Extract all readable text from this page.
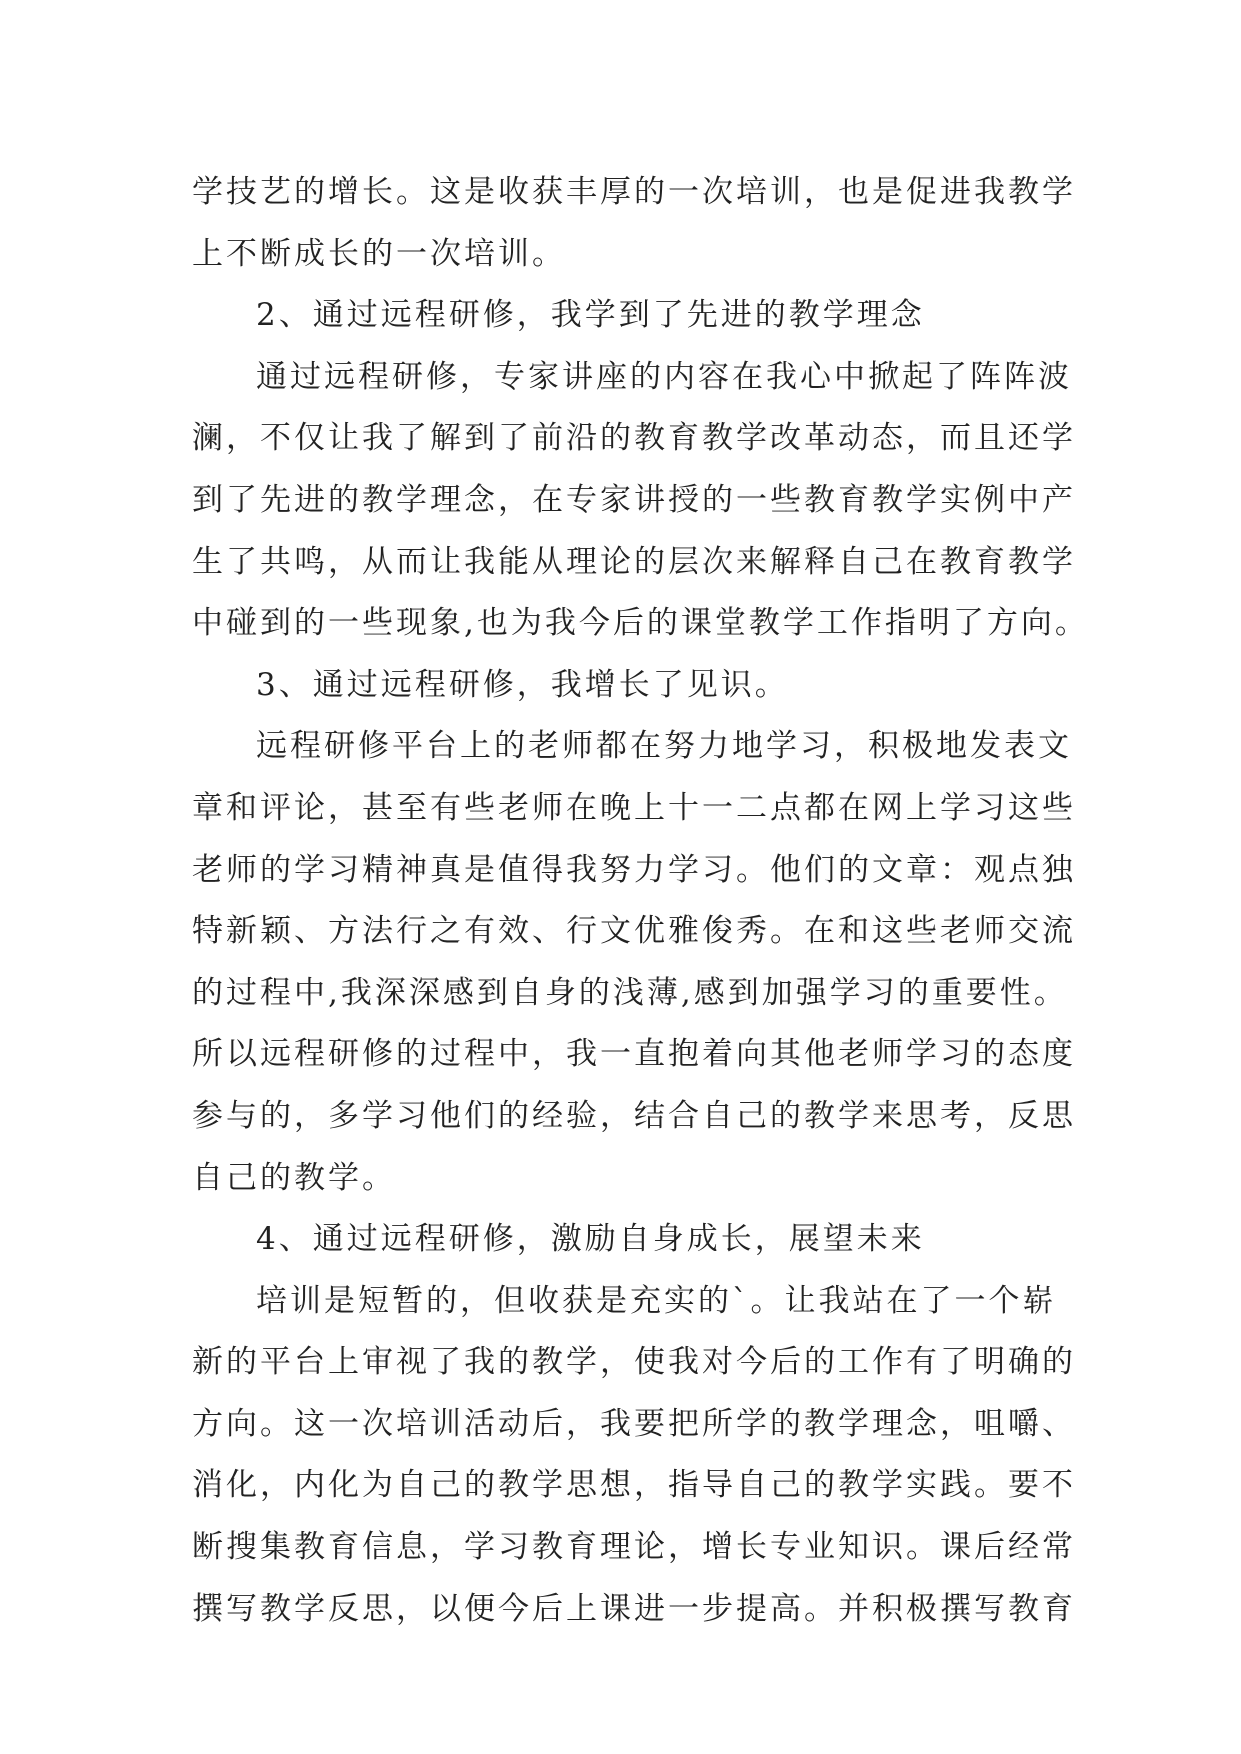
学技艺的增长。这是收获丰厚的一次培训，也是促进我教学
上不断成长的一次培训。
2、通过远程研修，我学到了先进的教学理念
通过远程研修，专家讲座的内容在我心中掀起了阵阵波
澜，不仅让我了解到了前沿的教育教学改革动态，而且还学
到了先进的教学理念，在专家讲授的一些教育教学实例中产
生了共鸣，从而让我能从理论的层次来解释自己在教育教学
中碰到的一些现象,也为我今后的课堂教学工作指明了方向。
3、通过远程研修，我增长了见识。
远程研修平台上的老师都在努力地学习，积极地发表文
章和评论，甚至有些老师在晚上十一二点都在网上学习这些
老师的学习精神真是值得我努力学习。他们的文章：观点独
特新颖、方法行之有效、行文优雅俊秀。在和这些老师交流
的过程中,我深深感到自身的浅薄,感到加强学习的重要性。
所以远程研修的过程中，我一直抱着向其他老师学习的态度
参与的，多学习他们的经验，结合自己的教学来思考，反思
自己的教学。
4、通过远程研修，激励自身成长，展望未来
培训是短暂的，但收获是充实的`。让我站在了一个崭
新的平台上审视了我的教学，使我对今后的工作有了明确的
方向。这一次培训活动后，我要把所学的教学理念，咀嚼、
消化，内化为自己的教学思想，指导自己的教学实践。要不
断搜集教育信息，学习教育理论，增长专业知识。课后经常
撰写教学反思，以便今后上课进一步提高。并积极撰写教育
